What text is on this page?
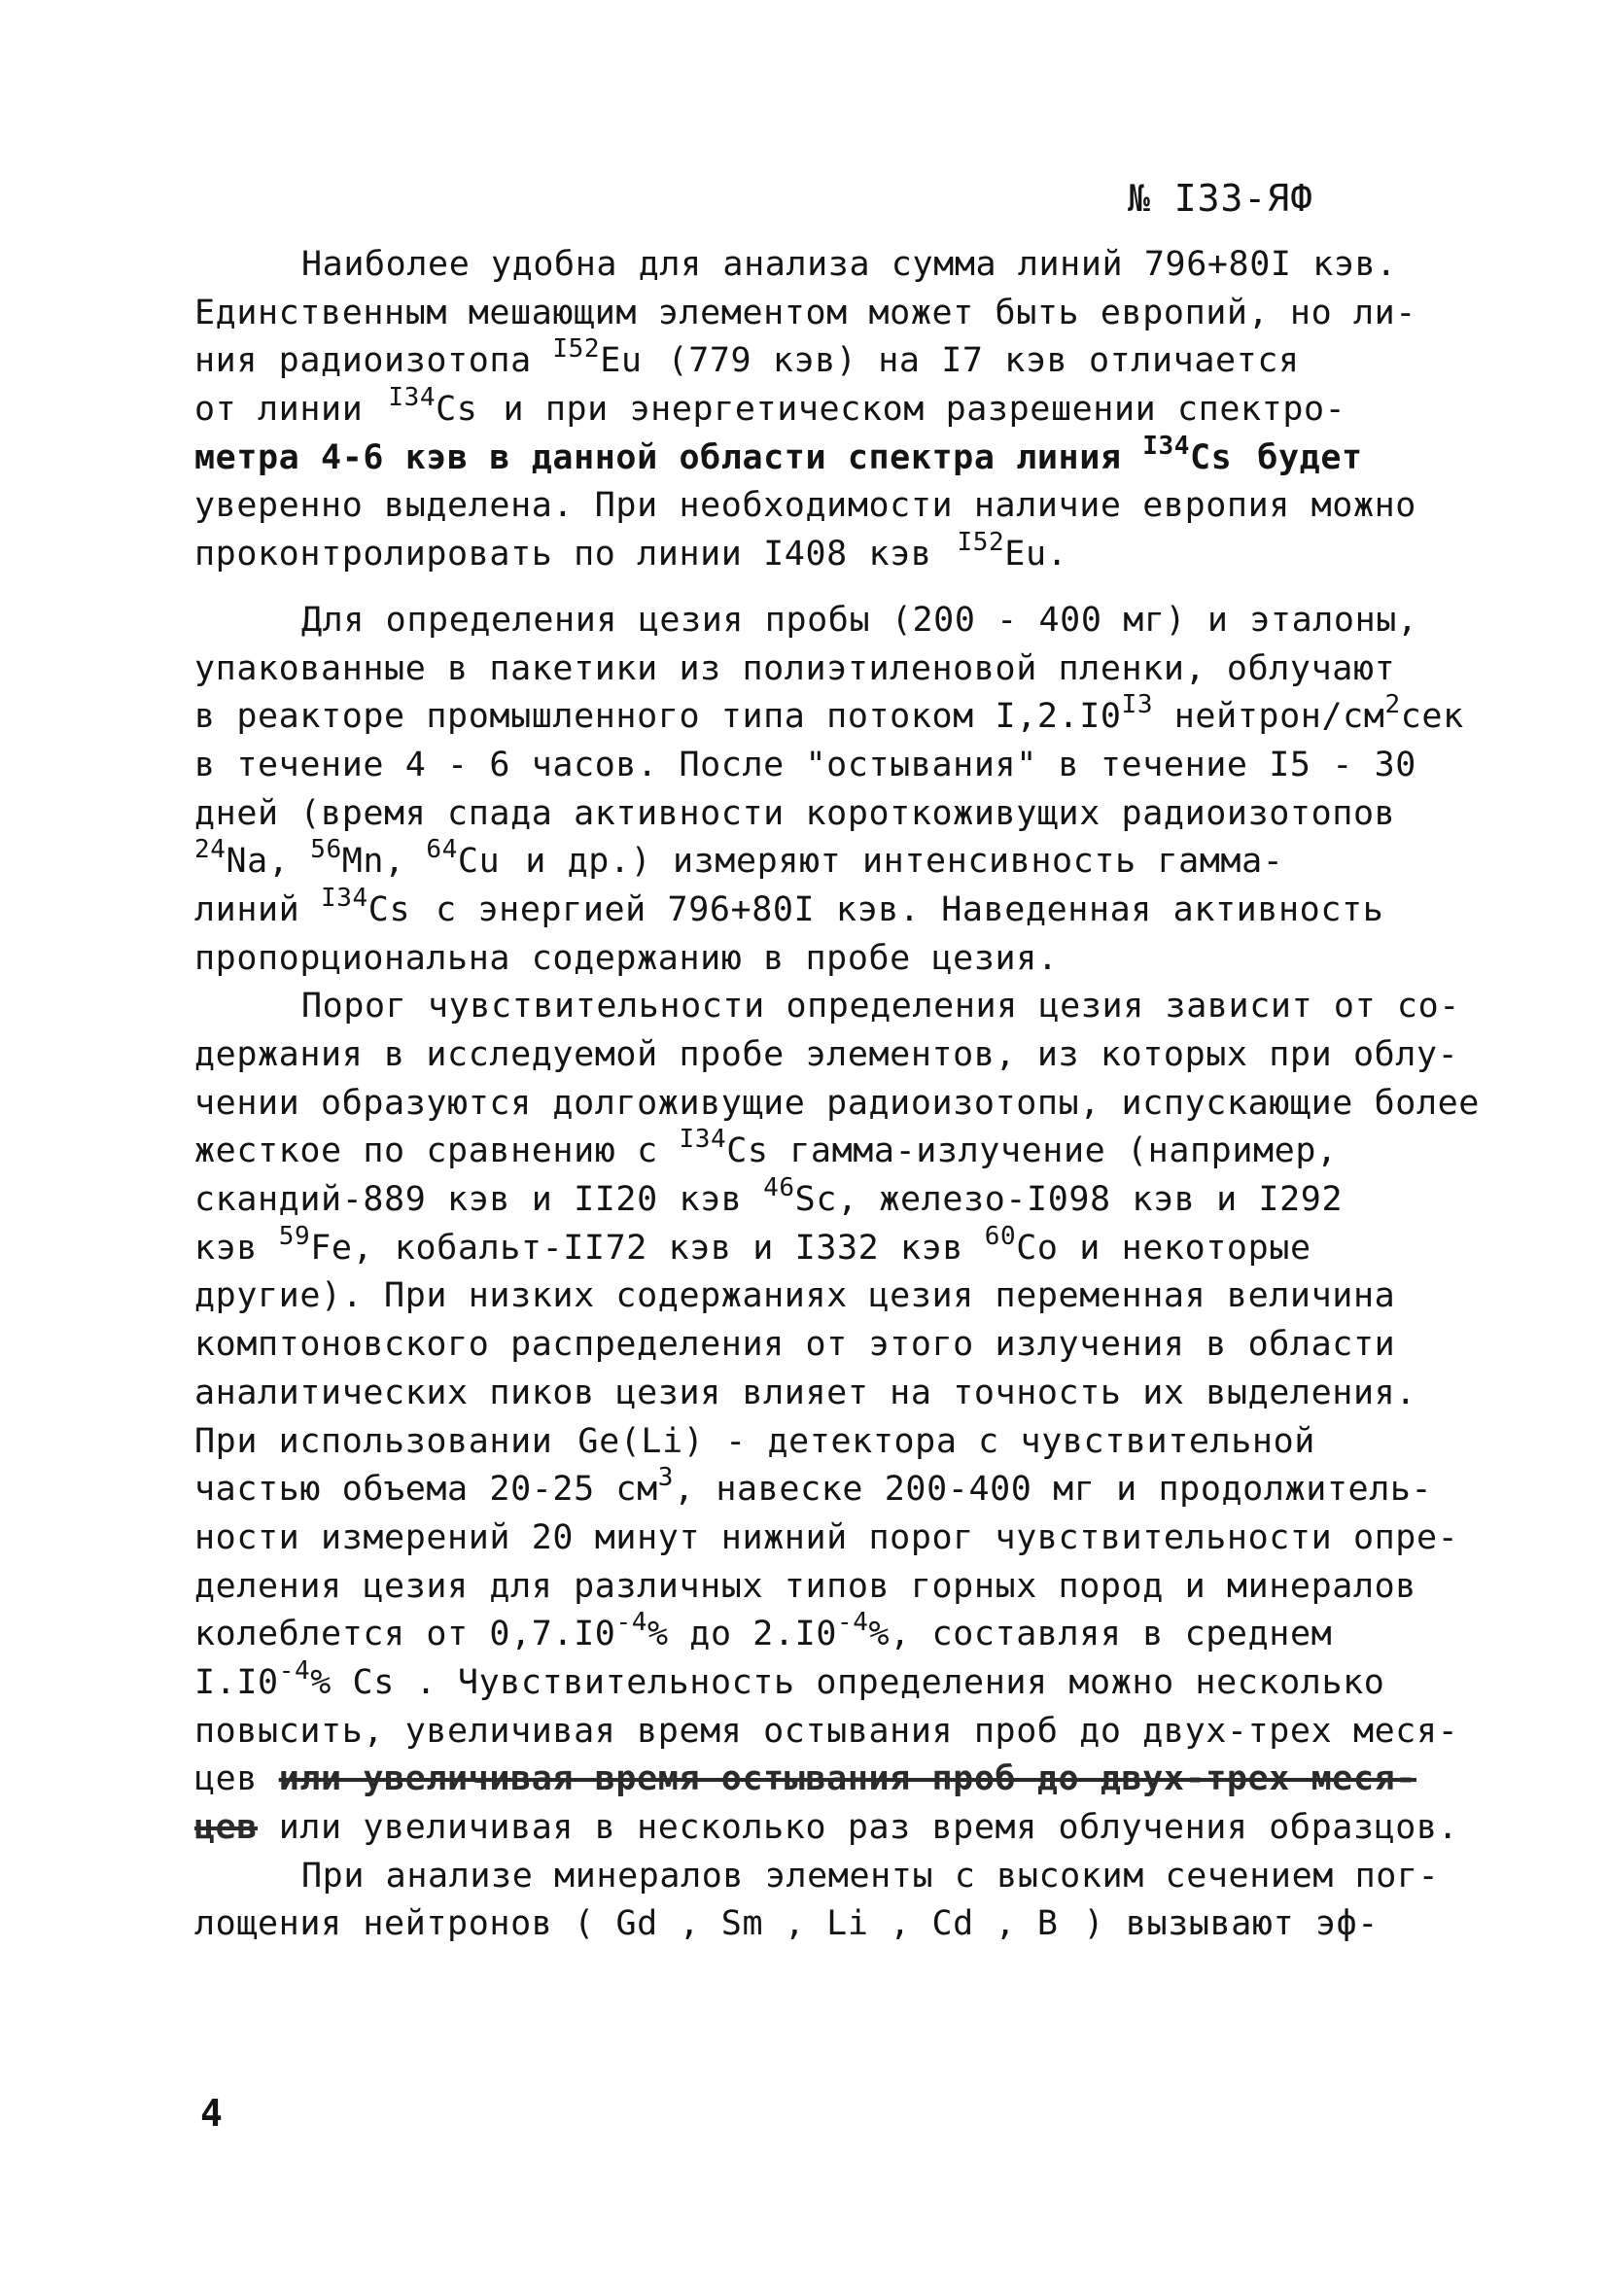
№ I33-ЯФ
Наиболее удобна для анализа сумма линий 796+80I кэв.
Единственным мешающим элементом может быть европий, но ли-
ния радиоизотопа $^{I52}$Eu (779 кэв) на I7 кэв отличается
от линии $^{I34}$Cs и при энергетическом разрешении спектро-
метра 4-6 кэв в данной области спектра линия $^{I34}$Cs будет
уверенно выделена. При необходимости наличие европия можно
проконтролировать по линии I408 кэв $^{I52}$Eu.
Для определения цезия пробы (200 - 400 мг) и эталоны,
упакованные в пакетики из полиэтиленовой пленки, облучают
в реакторе промышленного типа потоком $I,2.I0^{I3}$ нейтрон/$см^2сек$
в течение 4 - 6 часов. После "остывания" в течение I5 - 30
дней (время спада активности короткоживущих радиоизотопов
$^{24}$Na, $^{56}$Mn, $^{64}$Cu и др.) измеряют интенсивность гамма-
линий $^{I34}$Cs с энергией 796+80I кэв. Наведенная активность
пропорциональна содержанию в пробе цезия.
Порог чувствительности определения цезия зависит от со-
держания в исследуемой пробе элементов, из которых при облу-
чении образуются долгоживущие радиоизотопы, испускающие более
жесткое по сравнению с $^{I34}$Cs гамма-излучение (например,
скандий-889 кэв и II20 кэв $^{46}$Sc, железо-I098 кэв и I292
кэв $^{59}$Fe, кобальт-II72 кэв и I332 кэв $^{60}$Co и некоторые
другие). При низких содержаниях цезия переменная величина
комптоновского распределения от этого излучения в области
аналитических пиков цезия влияет на точность их выделения.
При использовании Ge(Li) - детектора с чувствительной
частью объема 20-25 $см^3$, навеске 200-400 мг и продолжитель-
ности измерений 20 минут нижний порог чувствительности опре-
деления цезия для различных типов горных пород и минералов
колеблется от $0,7.I0^{-4}\%$ до $2.I0^{-4}\%$, составляя в среднем
$I.I0^{-4}\%$ Cs . Чувствительность определения можно несколько
повысить, увеличивая время остывания проб до двух-трех меся-
цев или увеличивая время остывания проб до двух-трех меся-
цев или увеличивая в несколько раз время облучения образцов.
При анализе минералов элементы с высоким сечением пог-
лощения нейтронов ( Gd , Sm , Li , Cd , B ) вызывают эф-
4
